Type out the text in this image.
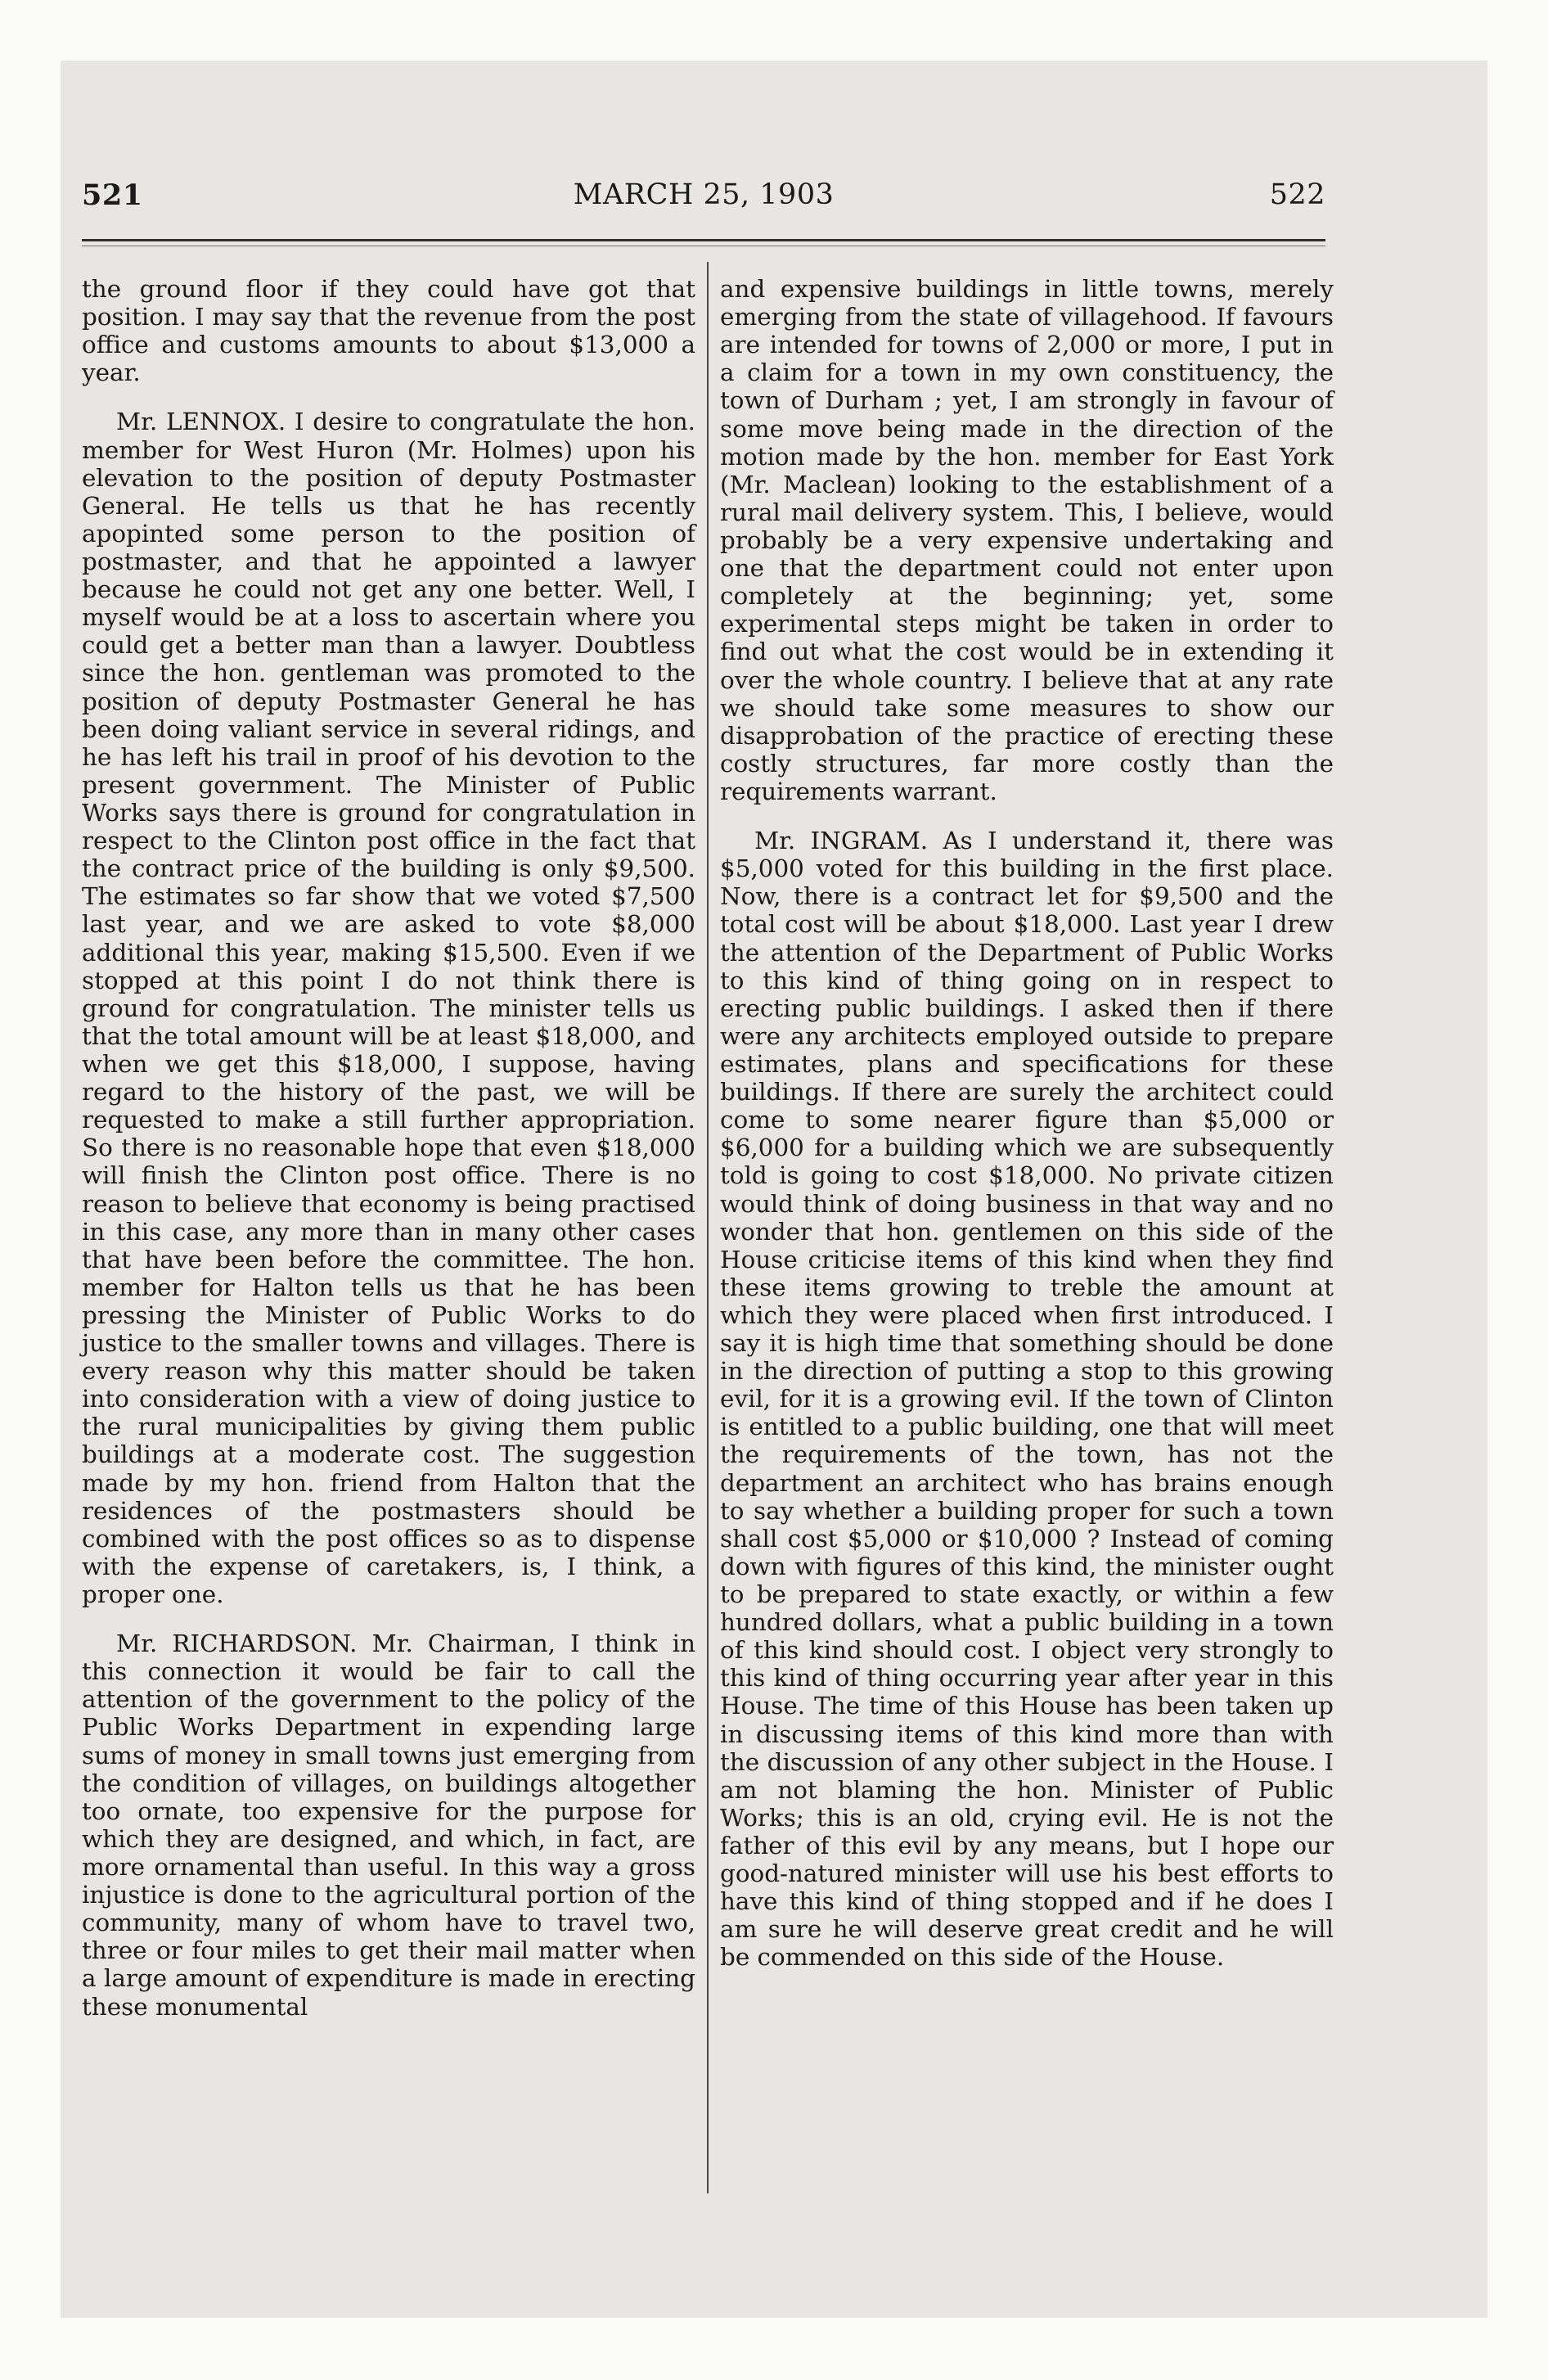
521	MARCH 25, 1903	522

the ground floor if they could have got that position. I may say that the revenue from the post office and customs amounts to about $13,000 a year.

Mr. LENNOX. I desire to congratulate the hon. member for West Huron (Mr. Holmes) upon his elevation to the position of deputy Postmaster General. He tells us that he has recently apopinted some person to the position of postmaster, and that he appointed a lawyer because he could not get any one better. Well, I myself would be at a loss to ascertain where you could get a better man than a lawyer. Doubtless since the hon. gentleman was promoted to the position of deputy Postmaster General he has been doing valiant service in several ridings, and he has left his trail in proof of his devotion to the present government. The Minister of Public Works says there is ground for congratulation in respect to the Clinton post office in the fact that the contract price of the building is only $9,500. The estimates so far show that we voted $7,500 last year, and we are asked to vote $8,000 additional this year, making $15,500. Even if we stopped at this point I do not think there is ground for congratulation. The minister tells us that the total amount will be at least $18,000, and when we get this $18,000, I suppose, having regard to the history of the past, we will be requested to make a still further appropriation. So there is no reasonable hope that even $18,000 will finish the Clinton post office. There is no reason to believe that economy is being practised in this case, any more than in many other cases that have been before the committee. The hon. member for Halton tells us that he has been pressing the Minister of Public Works to do justice to the smaller towns and villages. There is every reason why this matter should be taken into consideration with a view of doing justice to the rural municipalities by giving them public buildings at a moderate cost. The suggestion made by my hon. friend from Halton that the residences of the postmasters should be combined with the post offices so as to dispense with the expense of caretakers, is, I think, a proper one.

Mr. RICHARDSON. Mr. Chairman, I think in this connection it would be fair to call the attention of the government to the policy of the Public Works Department in expending large sums of money in small towns just emerging from the condition of villages, on buildings altogether too ornate, too expensive for the purpose for which they are designed, and which, in fact, are more ornamental than useful. In this way a gross injustice is done to the agricultural portion of the community, many of whom have to travel two, three or four miles to get their mail matter when a large amount of expenditure is made in erecting these monumental

and expensive buildings in little towns, merely emerging from the state of villagehood. If favours are intended for towns of 2,000 or more, I put in a claim for a town in my own constituency, the town of Durham ; yet, I am strongly in favour of some move being made in the direction of the motion made by the hon. member for East York (Mr. Maclean) looking to the establishment of a rural mail delivery system. This, I believe, would probably be a very expensive undertaking and one that the department could not enter upon completely at the beginning; yet, some experimental steps might be taken in order to find out what the cost would be in extending it over the whole country. I believe that at any rate we should take some measures to show our disapprobation of the practice of erecting these costly structures, far more costly than the requirements warrant.

Mr. INGRAM. As I understand it, there was $5,000 voted for this building in the first place. Now, there is a contract let for $9,500 and the total cost will be about $18,000. Last year I drew the attention of the Department of Public Works to this kind of thing going on in respect to erecting public buildings. I asked then if there were any architects employed outside to prepare estimates, plans and specifications for these buildings. If there are surely the architect could come to some nearer figure than $5,000 or $6,000 for a building which we are subsequently told is going to cost $18,000. No private citizen would think of doing business in that way and no wonder that hon. gentlemen on this side of the House criticise items of this kind when they find these items growing to treble the amount at which they were placed when first introduced. I say it is high time that something should be done in the direction of putting a stop to this growing evil, for it is a growing evil. If the town of Clinton is entitled to a public building, one that will meet the requirements of the town, has not the department an architect who has brains enough to say whether a building proper for such a town shall cost $5,000 or $10,000 ? Instead of coming down with figures of this kind, the minister ought to be prepared to state exactly, or within a few hundred dollars, what a public building in a town of this kind should cost. I object very strongly to this kind of thing occurring year after year in this House. The time of this House has been taken up in discussing items of this kind more than with the discussion of any other subject in the House. I am not blaming the hon. Minister of Public Works; this is an old, crying evil. He is not the father of this evil by any means, but I hope our good-natured minister will use his best efforts to have this kind of thing stopped and if he does I am sure he will deserve great credit and he will be commended on this side of the House.
